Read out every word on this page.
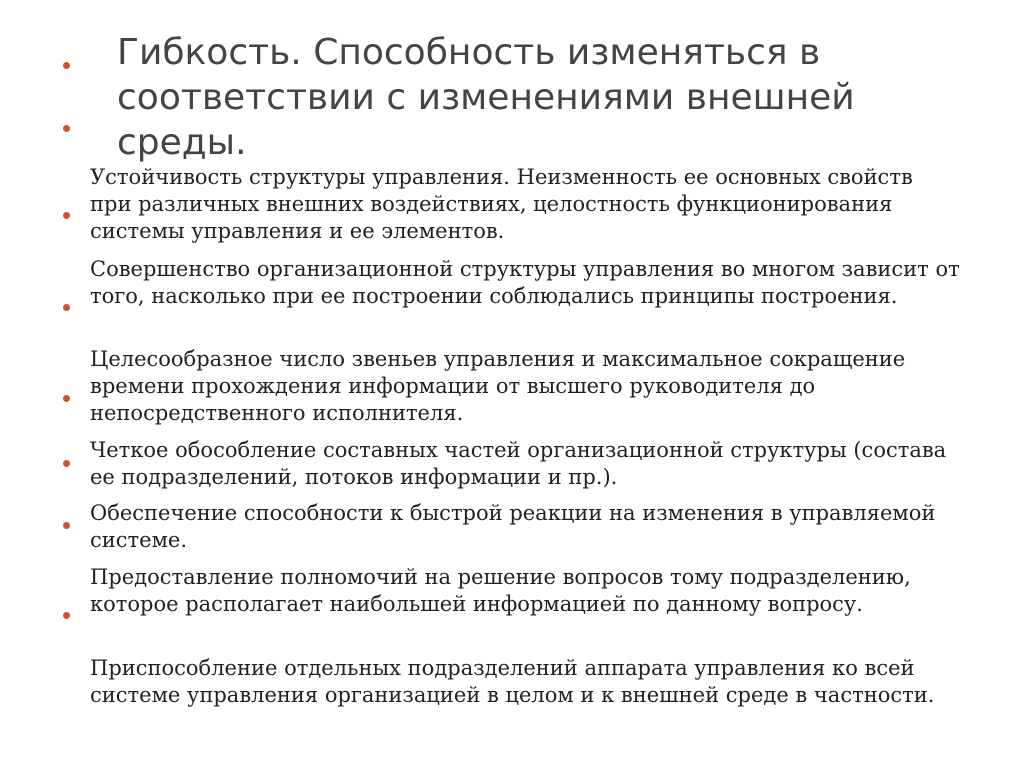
Гибкость. Способность изменяться в соответствии с изменениями внешней среды.

Устойчивость структуры управления. Неизменность ее основных свойств при различных внешних воздействиях, целостность функционирования системы управления и ее элементов.

Совершенство организационной структуры управления во многом зависит от того, насколько при ее построении соблюдались принципы построения.

Целесообразное число звеньев управления и максимальное сокращение времени прохождения информации от высшего руководителя до непосредственного исполнителя.

Четкое обособление составных частей организационной структуры (состава ее подразделений, потоков информации и пр.).

Обеспечение способности к быстрой реакции на изменения в управляемой системе.

Предоставление полномочий на решение вопросов тому подразделению, которое располагает наибольшей информацией по данному вопросу.

Приспособление отдельных подразделений аппарата управления ко всей системе управления организацией в целом и к внешней среде в частности.
